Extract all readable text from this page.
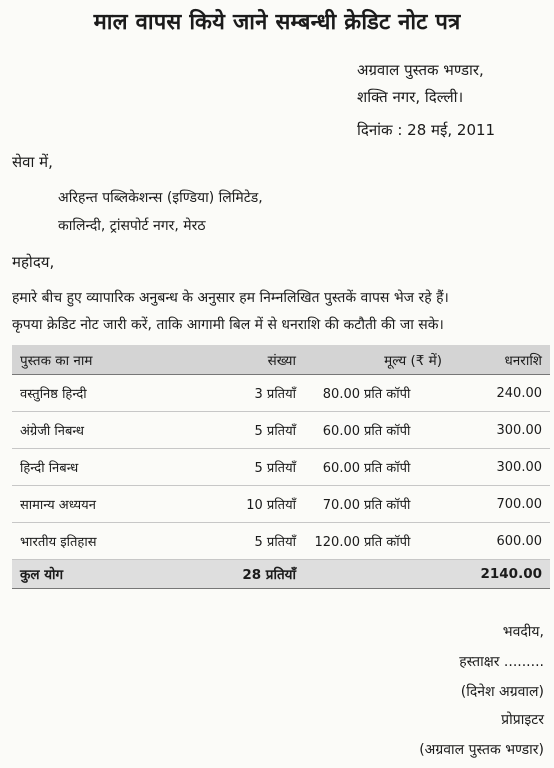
माल वापस किये जाने सम्बन्धी क्रेडिट नोट पत्र
अग्रवाल पुस्तक भण्डार,
शक्ति नगर, दिल्ली।
दिनांक : 28 मई, 2011
सेवा में,
अरिहन्त पब्लिकेशन्स (इण्डिया) लिमिटेड,
कालिन्दी, ट्रांसपोर्ट नगर, मेरठ
महोदय,
हमारे बीच हुए व्यापारिक अनुबन्ध के अनुसार हम निम्नलिखित पुस्तकें वापस भेज रहे हैं।
कृपया क्रेडिट नोट जारी करें, ताकि आगामी बिल में से धनराशि की कटौती की जा सके।
पुस्तक का नाम	संख्या	मूल्य (₹ में)	धनराशि
वस्तुनिष्ठ हिन्दी	3 प्रतियाँ	80.00 प्रति कॉपी	240.00
अंग्रेजी निबन्ध	5 प्रतियाँ	60.00 प्रति कॉपी	300.00
हिन्दी निबन्ध	5 प्रतियाँ	60.00 प्रति कॉपी	300.00
सामान्य अध्ययन	10 प्रतियाँ	70.00 प्रति कॉपी	700.00
भारतीय इतिहास	5 प्रतियाँ	120.00 प्रति कॉपी	600.00
कुल योग	28 प्रतियाँ		2140.00
भवदीय,
हस्ताक्षर .........
(दिनेश अग्रवाल)
प्रोप्राइटर
(अग्रवाल पुस्तक भण्डार)
